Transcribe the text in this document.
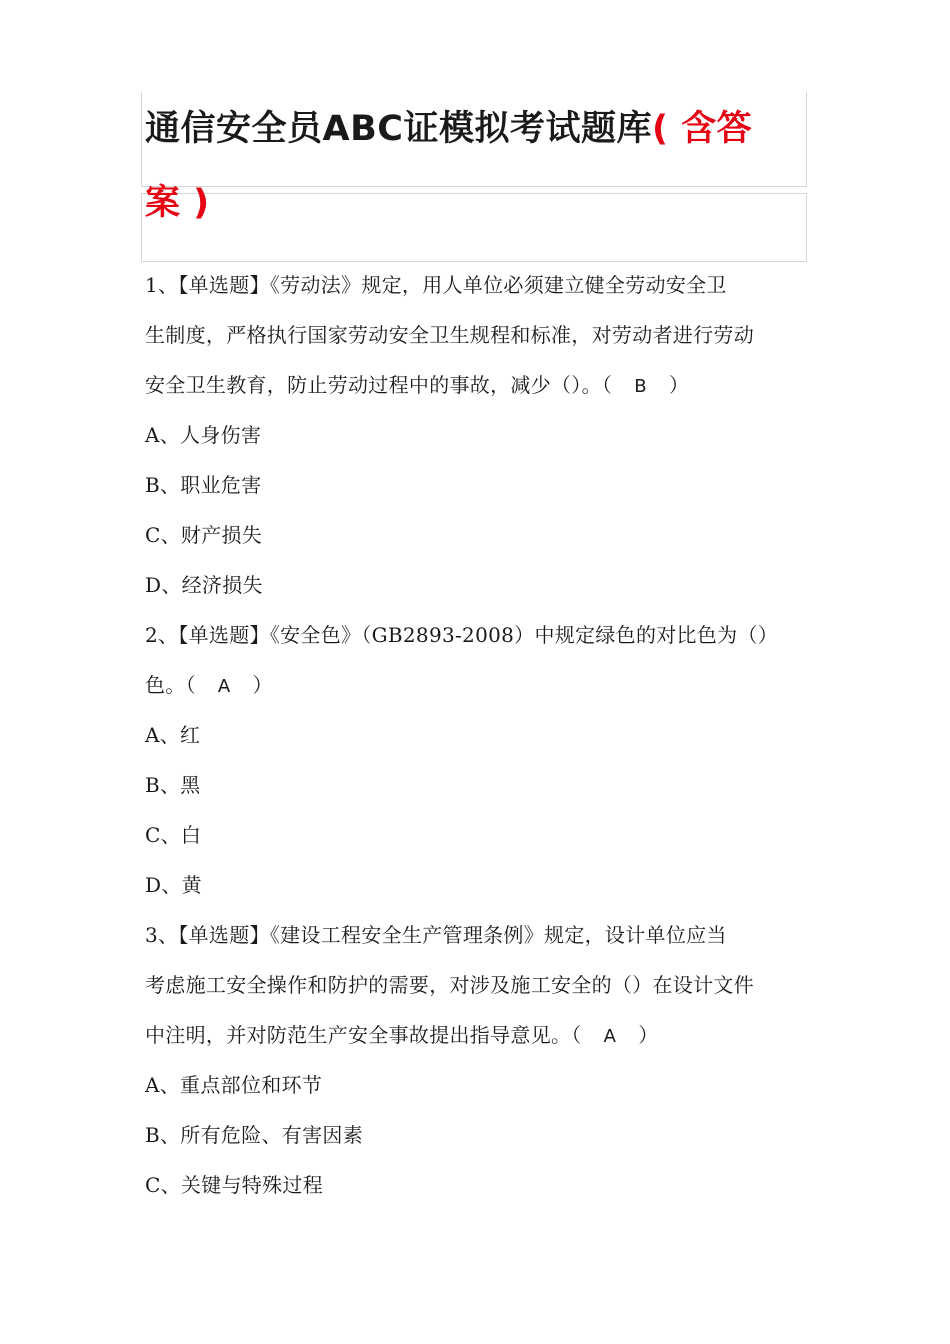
通信安全员ABC证模拟考试题库( 含答
案 )
1、【单选题】《劳动法》规定，用人单位必须建立健全劳动安全卫
生制度，严格执行国家劳动安全卫生规程和标准，对劳动者进行劳动
安全卫生教育，防止劳动过程中的事故，减少（）。（ B ）
A、人身伤害
B、职业危害
C、财产损失
D、经济损失
2、【单选题】《安全色》（GB2893-2008）中规定绿色的对比色为（）
色。（ A ）
A、红
B、黑
C、白
D、黄
3、【单选题】《建设工程安全生产管理条例》规定，设计单位应当
考虑施工安全操作和防护的需要，对涉及施工安全的（）在设计文件
中注明，并对防范生产安全事故提出指导意见。（ A ）
A、重点部位和环节
B、所有危险、有害因素
C、关键与特殊过程
